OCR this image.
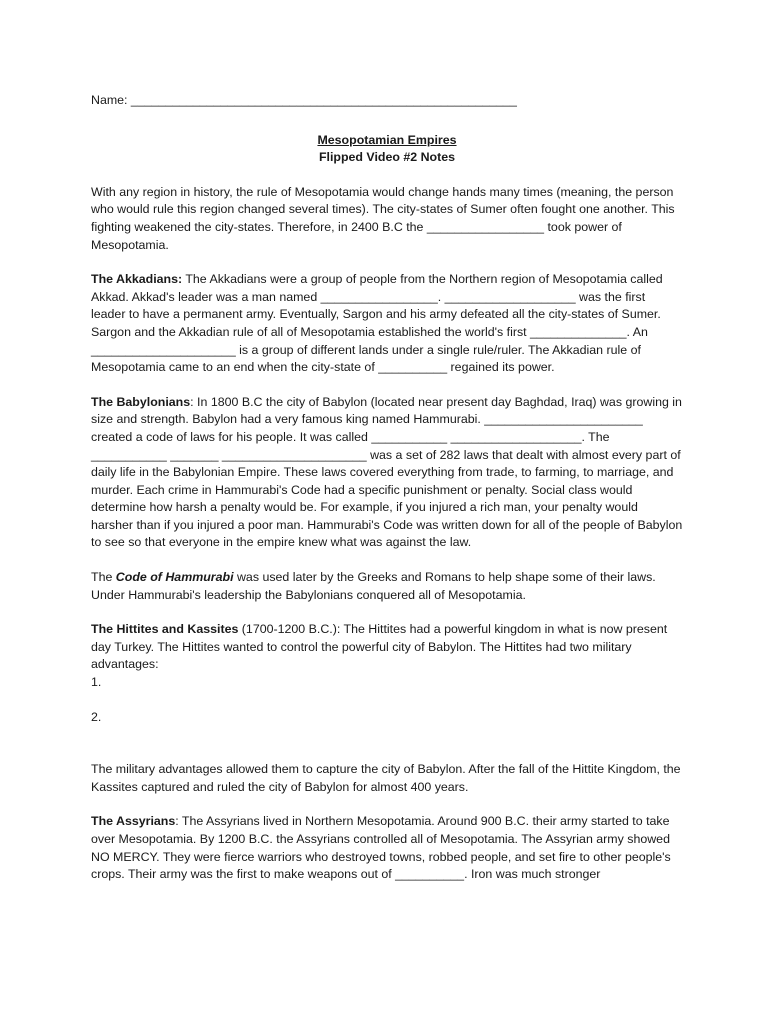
Name: ________________________________________________________

Mesopotamian Empires

Flipped Video #2 Notes

With any region in history, the rule of Mesopotamia would change hands many times (meaning, the person who would rule this region changed several times). The city-states of Sumer often fought one another. This fighting weakened the city-states. Therefore, in 2400 B.C the _________________ took power of Mesopotamia.

The Akkadians: The Akkadians were a group of people from the Northern region of Mesopotamia called Akkad. Akkad's leader was a man named _________________. ___________________ was the first leader to have a permanent army. Eventually, Sargon and his army defeated all the city-states of Sumer. Sargon and the Akkadian rule of all of Mesopotamia established the world's first ______________. An _____________________ is a group of different lands under a single rule/ruler. The Akkadian rule of Mesopotamia came to an end when the city-state of __________ regained its power.

The Babylonians: In 1800 B.C the city of Babylon (located near present day Baghdad, Iraq) was growing in size and strength. Babylon had a very famous king named Hammurabi. _______________________ created a code of laws for his people. It was called ___________ ___________________. The ___________ _______ _____________________ was a set of 282 laws that dealt with almost every part of daily life in the Babylonian Empire. These laws covered everything from trade, to farming, to marriage, and murder. Each crime in Hammurabi's Code had a specific punishment or penalty. Social class would determine how harsh a penalty would be. For example, if you injured a rich man, your penalty would harsher than if you injured a poor man. Hammurabi's Code was written down for all of the people of Babylon to see so that everyone in the empire knew what was against the law.

The Code of Hammurabi was used later by the Greeks and Romans to help shape some of their laws. Under Hammurabi's leadership the Babylonians conquered all of Mesopotamia.

The Hittites and Kassites (1700-1200 B.C.): The Hittites had a powerful kingdom in what is now present day Turkey. The Hittites wanted to control the powerful city of Babylon. The Hittites had two military advantages:

1.

2.

The military advantages allowed them to capture the city of Babylon. After the fall of the Hittite Kingdom, the Kassites captured and ruled the city of Babylon for almost 400 years.

The Assyrians: The Assyrians lived in Northern Mesopotamia. Around 900 B.C. their army started to take over Mesopotamia. By 1200 B.C. the Assyrians controlled all of Mesopotamia. The Assyrian army showed NO MERCY. They were fierce warriors who destroyed towns, robbed people, and set fire to other people's crops. Their army was the first to make weapons out of __________. Iron was much stronger
